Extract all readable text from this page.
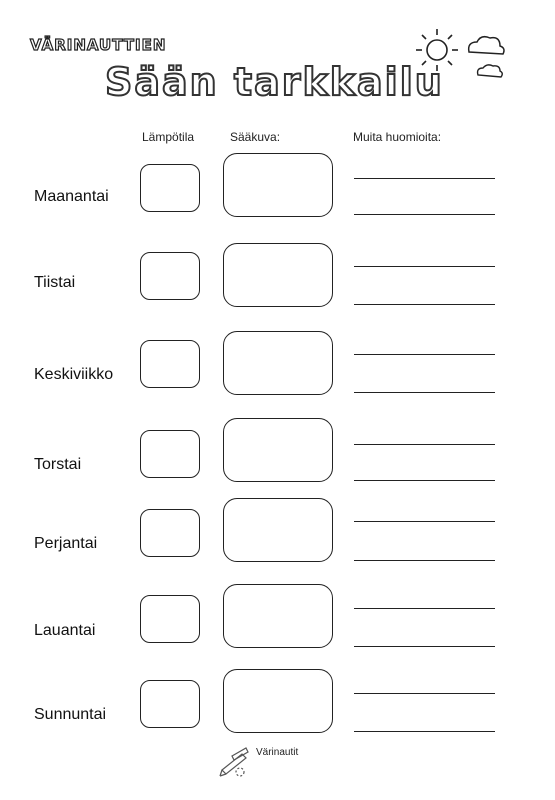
VÄRINAUTTIEN
Sään tarkkailu
Lämpötila	Sääkuva:	Muita huomioita:
Maanantai
Tiistai
Keskiviikko
Torstai
Perjantai
Lauantai
Sunnuntai
Värinautit
